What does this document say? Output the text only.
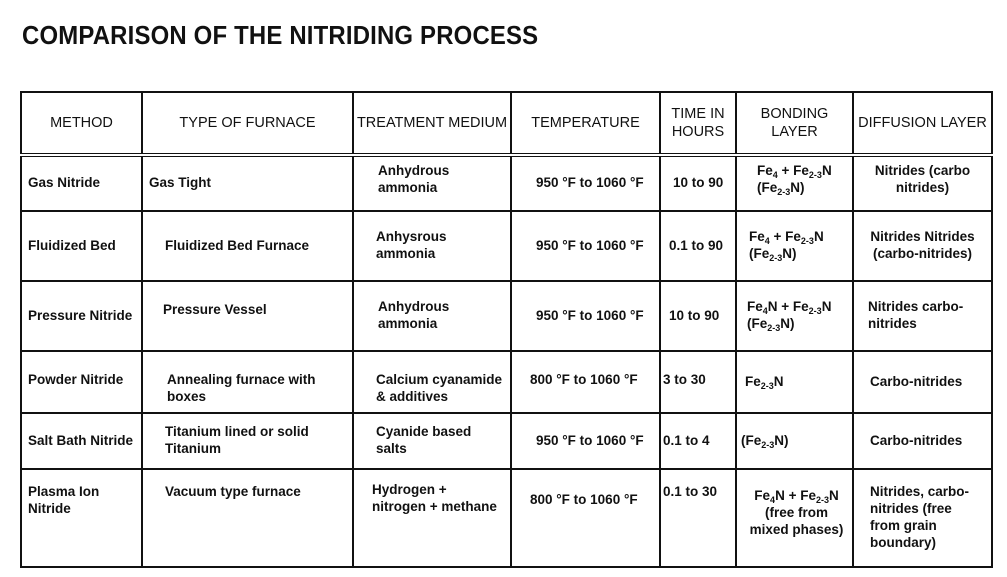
COMPARISON OF THE NITRIDING PROCESS
METHOD	TYPE OF FURNACE	TREATMENT MEDIUM	TEMPERATURE	TIME IN HOURS	BONDING LAYER	DIFFUSION LAYER
Gas Nitride	Gas Tight	Anhydrous ammonia	950 °F to 1060 °F	10 to 90	$Fe_4 + Fe_{2-3}N$ $(Fe_{2-3}N)$	Nitrides (carbo nitrides)
Fluidized Bed	Fluidized Bed Furnace	Anhysrous ammonia	950 °F to 1060 °F	0.1 to 90	$Fe_4 + Fe_{2-3}N$ $(Fe_{2-3}N)$	Nitrides Nitrides (carbo-nitrides)
Pressure Nitride	Pressure Vessel	Anhydrous ammonia	950 °F to 1060 °F	10 to 90	$Fe_4N + Fe_{2-3}N$ $(Fe_{2-3}N)$	Nitrides carbo-nitrides
Powder Nitride	Annealing furnace with boxes	Calcium cyanamide & additives	800 °F to 1060 °F	3 to 30	$Fe_{2-3}N$	Carbo-nitrides
Salt Bath Nitride	Titanium lined or solid Titanium	Cyanide based salts	950 °F to 1060 °F	0.1 to 4	$(Fe_{2-3}N)$	Carbo-nitrides
Plasma Ion Nitride	Vacuum type furnace	Hydrogen + nitrogen + methane	800 °F to 1060 °F	0.1 to 30	$Fe_4N + Fe_{2-3}N$ (free from mixed phases)	Nitrides, carbo-nitrides (free from grain boundary)
